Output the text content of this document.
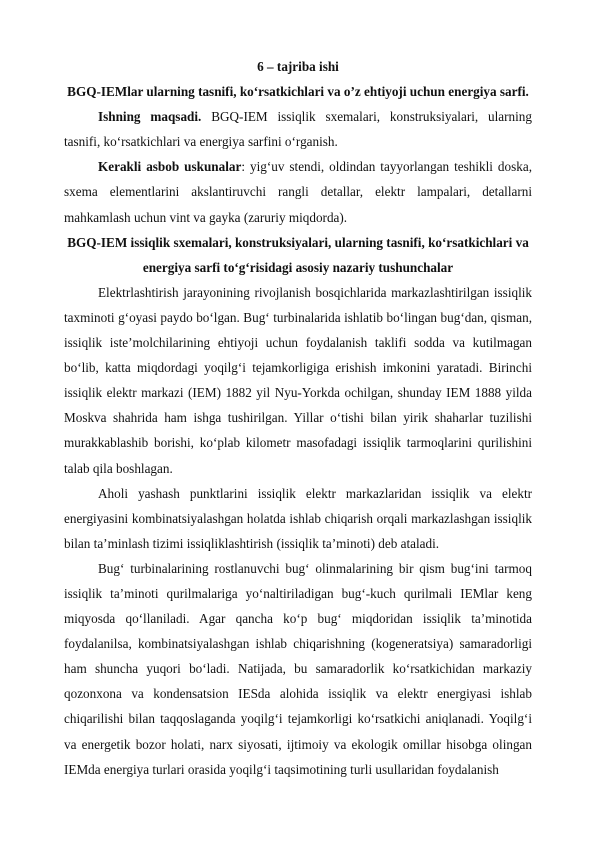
6 – tajriba ishi

BGQ-IEMlar ularning tasnifi, ko‘rsatkichlari va o’z ehtiyoji uchun energiya sarfi.

Ishning maqsadi. BGQ-IEM issiqlik sxemalari, konstruksiyalari, ularning tasnifi, ko‘rsatkichlari va energiya sarfini o‘rganish.

Kerakli asbob uskunalar: yig‘uv stendi, oldindan tayyorlangan teshikli doska, sxema elementlarini akslantiruvchi rangli detallar, elektr lampalari, detallarni mahkamlash uchun vint va gayka (zaruriy miqdorda).

BGQ-IEM issiqlik sxemalari, konstruksiyalari, ularning tasnifi, ko‘rsatkichlari va energiya sarfi to‘g‘risidagi asosiy nazariy tushunchalar

Elektrlashtirish jarayonining rivojlanish bosqichlarida markazlashtirilgan issiqlik taxminoti g‘oyasi paydo bo‘lgan. Bug‘ turbinalarida ishlatib bo‘lingan bug‘dan, qisman, issiqlik iste’molchilarining ehtiyoji uchun foydalanish taklifi sodda va kutilmagan bo‘lib, katta miqdordagi yoqilg‘i tejamkorligiga erishish imkonini yaratadi. Birinchi issiqlik elektr markazi (IEM) 1882 yil Nyu-Yorkda ochilgan, shunday IEM 1888 yilda Moskva shahrida ham ishga tushirilgan. Yillar o‘tishi bilan yirik shaharlar tuzilishi murakkablashib borishi, ko‘plab kilometr masofadagi issiqlik tarmoqlarini qurilishini talab qila boshlagan.

Aholi yashash punktlarini issiqlik elektr markazlaridan issiqlik va elektr energiyasini kombinatsiyalashgan holatda ishlab chiqarish orqali markazlashgan issiqlik bilan ta’minlash tizimi issiqliklashtirish (issiqlik ta’minoti) deb ataladi.

Bug‘ turbinalarining rostlanuvchi bug‘ olinmalarining bir qism bug‘ini tarmoq issiqlik ta’minoti qurilmalariga yo‘naltiriladigan bug‘-kuch qurilmali IEMlar keng miqyosda qo‘llaniladi. Agar qancha ko‘p bug‘ miqdoridan issiqlik ta’minotida foydalanilsa, kombinatsiyalashgan ishlab chiqarishning (kogeneratsiya) samaradorligi ham shuncha yuqori bo‘ladi. Natijada, bu samaradorlik ko‘rsatkichidan markaziy qozonxona va kondensatsion IESda alohida issiqlik va elektr energiyasi ishlab chiqarilishi bilan taqqoslaganda yoqilg‘i tejamkorligi ko‘rsatkichi aniqlanadi. Yoqilg‘i va energetik bozor holati, narx siyosati, ijtimoiy va ekologik omillar hisobga olingan IEMda energiya turlari orasida yoqilg‘i taqsimotining turli usullaridan foydalanish
